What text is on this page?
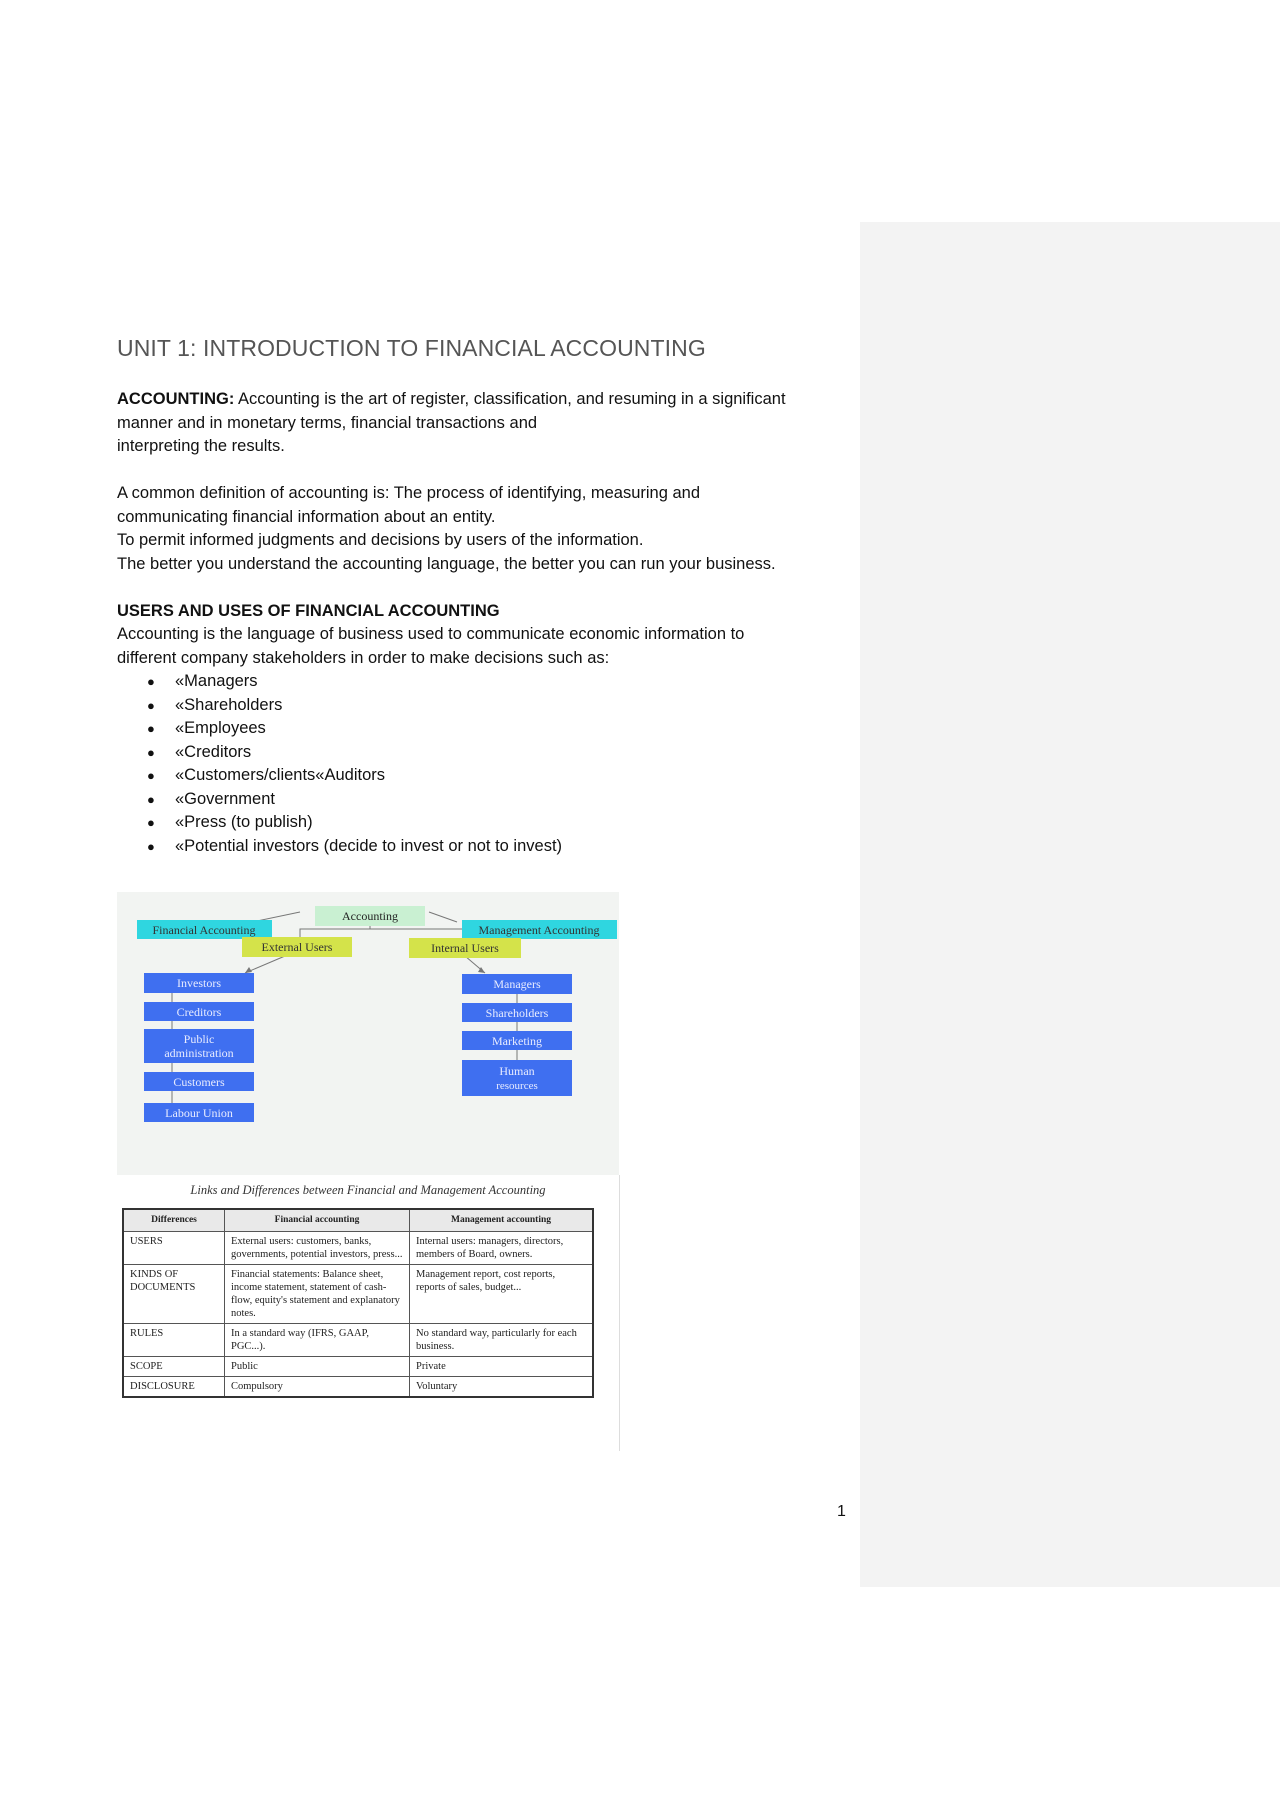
UNIT 1: INTRODUCTION TO FINANCIAL ACCOUNTING

ACCOUNTING: Accounting is the art of register, classification, and resuming in a significant

manner and in monetary terms, financial transactions and

interpreting the results.

A common definition of accounting is: The process of identifying, measuring and

communicating financial information about an entity.

To permit informed judgments and decisions by users of the information.

The better you understand the accounting language, the better you can run your business.

USERS AND USES OF FINANCIAL ACCOUNTING

Accounting is the language of business used to communicate economic information to

different company stakeholders in order to make decisions such as:

● «Managers
● «Shareholders
● «Employees
● «Creditors
● «Customers/clients«Auditors
● «Government
● «Press (to publish)
● «Potential investors (decide to invest or not to invest)
Accounting
Financial Accounting	Management Accounting
External Users	Internal Users
Investors
Creditors
Public
administration
Customers
Labour Union
Managers
Shareholders
Marketing
Human
resources
Links and Differences between Financial and Management Accounting
Differences	Financial accounting	Management accounting
USERS	External users: customers, banks, governments, potential investors, press...	Internal users: managers, directors, members of Board, owners.
KINDS OF DOCUMENTS	Financial statements: Balance sheet, income statement, statement of cash-flow, equity's statement and explanatory notes.	Management report, cost reports, reports of sales, budget...
RULES	In a standard way (IFRS, GAAP, PGC...).	No standard way, particularly for each business.
SCOPE	Public	Private
DISCLOSURE	Compulsory	Voluntary
1
